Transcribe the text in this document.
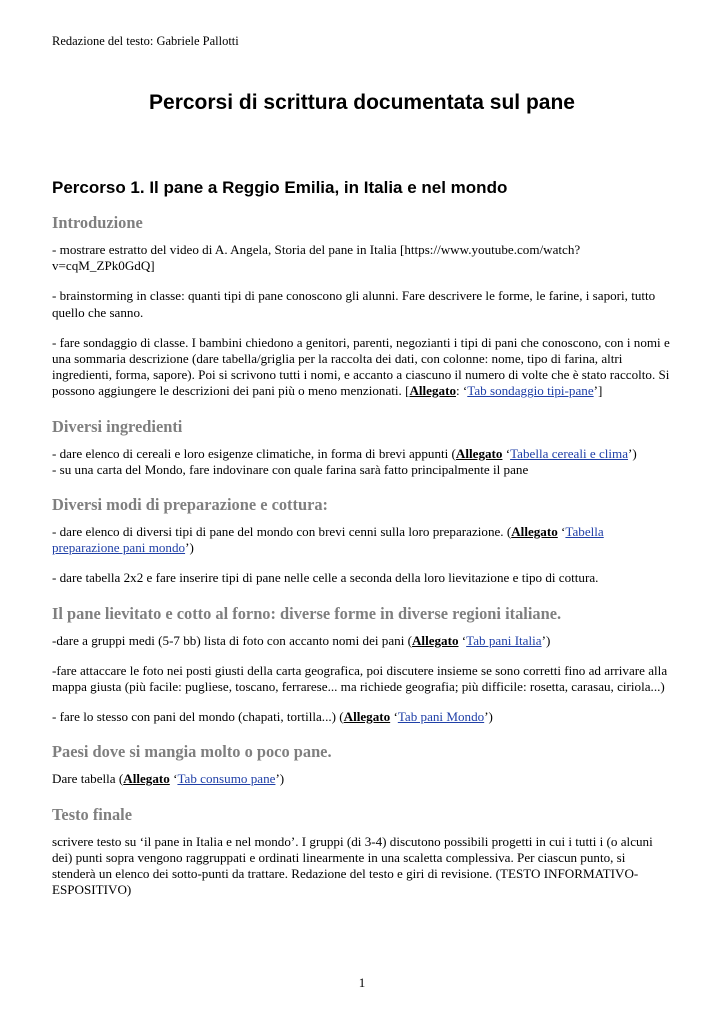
Redazione del testo: Gabriele Pallotti
Percorsi di scrittura documentata sul pane
Percorso 1. Il pane a Reggio Emilia, in Italia e nel mondo
Introduzione

- mostrare estratto del video di A. Angela, Storia del pane in Italia [https://www.youtube.com/watch?v=cqM_ZPk0GdQ]

- brainstorming in classe: quanti tipi di pane conoscono gli alunni. Fare descrivere le forme, le farine, i sapori, tutto quello che sanno.

- fare sondaggio di classe. I bambini chiedono a genitori, parenti, negozianti i tipi di pani che conoscono, con i nomi e una sommaria descrizione (dare tabella/griglia per la raccolta dei dati, con colonne: nome, tipo di farina, altri ingredienti, forma, sapore). Poi si scrivono tutti i nomi, e accanto a ciascuno il numero di volte che è stato raccolto. Si possono aggiungere le descrizioni dei pani più o meno menzionati. [Allegato: ‘Tab sondaggio tipi-pane’]

Diversi ingredienti

- dare elenco di cereali e loro esigenze climatiche, in forma di brevi appunti (Allegato ‘Tabella cereali e clima’)

- su una carta del Mondo, fare indovinare con quale farina sarà fatto principalmente il pane

Diversi modi di preparazione e cottura:

- dare elenco di diversi tipi di pane del mondo con brevi cenni sulla loro preparazione. (Allegato ‘Tabella preparazione pani mondo’)

- dare tabella 2x2 e fare inserire tipi di pane nelle celle a seconda della loro lievitazione e tipo di cottura.

Il pane lievitato e cotto al forno: diverse forme in diverse regioni italiane.

-dare a gruppi medi (5-7 bb) lista di foto con accanto nomi dei pani (Allegato ‘Tab pani Italia’)

-fare attaccare le foto nei posti giusti della carta geografica, poi discutere insieme se sono corretti fino ad arrivare alla mappa giusta (più facile: pugliese, toscano, ferrarese... ma richiede geografia; più difficile: rosetta, carasau, ciriola...)

- fare lo stesso con pani del mondo (chapati, tortilla...) (Allegato ‘Tab pani Mondo’)

Paesi dove si mangia molto o poco pane.

Dare tabella (Allegato ‘Tab consumo pane’)

Testo finale

scrivere testo su ‘il pane in Italia e nel mondo’. I gruppi (di 3-4) discutono possibili progetti in cui i tutti i (o alcuni dei) punti sopra vengono raggruppati e ordinati linearmente in una scaletta complessiva. Per ciascun punto, si stenderà un elenco dei sotto-punti da trattare. Redazione del testo e giri di revisione. (TESTO INFORMATIVO-ESPOSITIVO)

1
